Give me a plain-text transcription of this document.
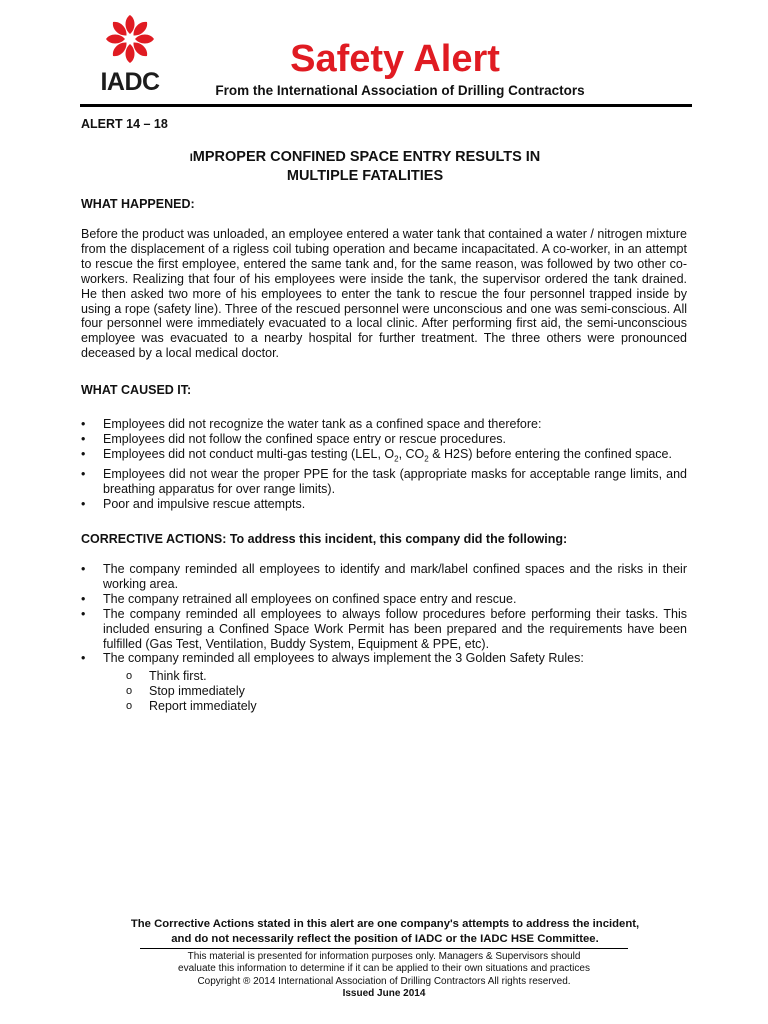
IADC
Safety Alert
From the International Association of Drilling Contractors
ALERT 14 – 18
IMPROPER CONFINED SPACE ENTRY RESULTS IN
MULTIPLE FATALITIES
WHAT HAPPENED:

Before the product was unloaded, an employee entered a water tank that contained a water / nitrogen mixture from the displacement of a rigless coil tubing operation and became incapacitated. A co-worker, in an attempt to rescue the first employee, entered the same tank and, for the same reason, was followed by two other co-workers. Realizing that four of his employees were inside the tank, the supervisor ordered the tank drained. He then asked two more of his employees to enter the tank to rescue the four personnel trapped inside by using a rope (safety line). Three of the rescued personnel were unconscious and one was semi-conscious. All four personnel were immediately evacuated to a local clinic. After performing first aid, the semi-unconscious employee was evacuated to a nearby hospital for further treatment. The three others were pronounced deceased by a local medical doctor.

WHAT CAUSED IT:
• Employees did not recognize the water tank as a confined space and therefore:
• Employees did not follow the confined space entry or rescue procedures.
• Employees did not conduct multi-gas testing (LEL, $O_2$, $CO_2$ & H2S) before entering the confined space.
• Employees did not wear the proper PPE for the task (appropriate masks for acceptable range limits, and breathing apparatus for over range limits).
• Poor and impulsive rescue attempts.
CORRECTIVE ACTIONS: To address this incident, this company did the following:
• The company reminded all employees to identify and mark/label confined spaces and the risks in their working area.
• The company retrained all employees on confined space entry and rescue.
• The company reminded all employees to always follow procedures before performing their tasks. This included ensuring a Confined Space Work Permit has been prepared and the requirements have been fulfilled (Gas Test, Ventilation, Buddy System, Equipment & PPE, etc).
• The company reminded all employees to always implement the 3 Golden Safety Rules:
o Think first.
o Stop immediately
o Report immediately
The Corrective Actions stated in this alert are one company's attempts to address the incident,
and do not necessarily reflect the position of IADC or the IADC HSE Committee.
This material is presented for information purposes only. Managers & Supervisors should
evaluate this information to determine if it can be applied to their own situations and practices
Copyright ® 2014 International Association of Drilling Contractors All rights reserved.
Issued June 2014
